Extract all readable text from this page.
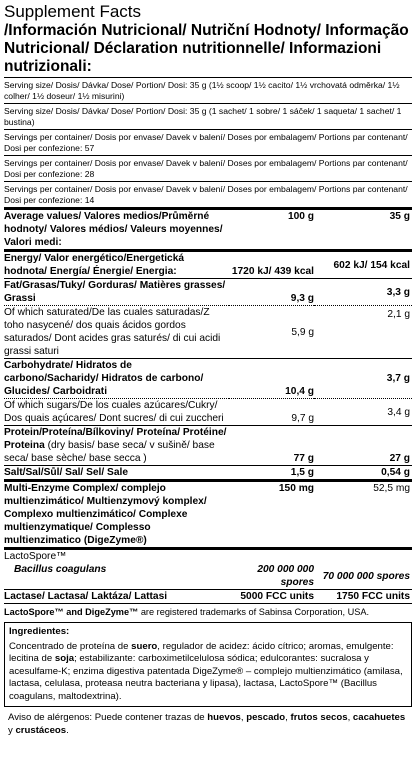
Supplement Facts
/Información Nutricional/ Nutriční Hodnoty/ Informação Nutricional/ Déclaration nutritionnelle/ Informazioni nutrizionali:
Serving size/ Dosis/ Dávka/ Dose/ Portion/ Dosi: 35 g (1½ scoop/ 1½ cacito/ 1½ vrchovatá odměrka/ 1½ colher/ 1½ doseur/ 1½ misurini)
Serving size/ Dosis/ Dávka/ Dose/ Portion/ Dosi: 35 g (1 sachet/ 1 sobre/ 1 sáček/ 1 saqueta/ 1 sachet/ 1 bustina)
Servings per container/ Dosis por envase/ Davek v balení/ Doses por embalagem/ Portions par contenant/ Dosi per confezione: 57
Servings per container/ Dosis por envase/ Davek v balení/ Doses por embalagem/ Portions par contenant/ Dosi per confezione: 28
Servings per container/ Dosis por envase/ Davek v balení/ Doses por embalagem/ Portions par contenant/ Dosi per confezione: 14
Average values/ Valores medios/Průměrné hodnoty/ Valores médios/ Valeurs moyennes/ Valori medi:	100 g	35 g
Energy/ Valor energético/Energetická hodnota/ Energía/ Énergie/ Energia:	1720 kJ/ 439 kcal	602 kJ/ 154 kcal
Fat/Grasas/Tuky/ Gorduras/ Matières grasses/ Grassi	9,3 g	3,3 g
Of which saturated/De las cuales saturadas/Z toho nasycené/ dos quais ácidos gordos saturados/ Dont acides gras saturés/ di cui acidi grassi saturi	5,9 g	2,1 g
Carbohydrate/ Hidratos de carbono/Sacharidy/ Hidratos de carbono/ Glucides/ Carboidrati	10,4 g	3,7 g
Of which sugars/De los cuales azúcares/Cukry/ Dos quais açúcares/ Dont sucres/ di cui zuccheri	9,7 g	3,4 g
Protein/Proteína/Bílkoviny/ Proteína/ Protéine/ Proteina (dry basis/ base seca/ v sušině/ base seca/ base sèche/ base secca )	77 g	27 g
Salt/Sal/Sůl/ Sal/ Sel/ Sale	1,5 g	0,54 g
Multi-Enzyme Complex/ complejo multienzimático/ Multienzymový komplex/ Complexo multienzimático/ Complexe multienzymatique/ Complesso multienzimatico (DigeZyme®)	150 mg	52,5 mg
LactoSpore™		
Bacillus coagulans	200 000 000 spores	70 000 000 spores
Lactase/ Lactasa/ Laktáza/ Lattasi	5000 FCC units	1750 FCC units
LactoSpore™ and DigeZyme™ are registered trademarks of Sabinsa Corporation, USA.
Ingredientes:
Concentrado de proteína de suero, regulador de acidez: ácido cítrico; aromas, emulgente: lecitina de soja; estabilizante: carboximetilcelulosa sódica; edulcorantes: sucralosa y acesulfame-K; enzima digestiva patentada DigeZyme® – complejo multienzimático (amilasa, lactasa, celulasa, proteasa neutra bacteriana y lipasa), lactasa, LactoSpore™ (Bacillus coagulans, maltodextrina).
Aviso de alérgenos: Puede contener trazas de huevos, pescado, frutos secos, cacahuetes y crustáceos.
